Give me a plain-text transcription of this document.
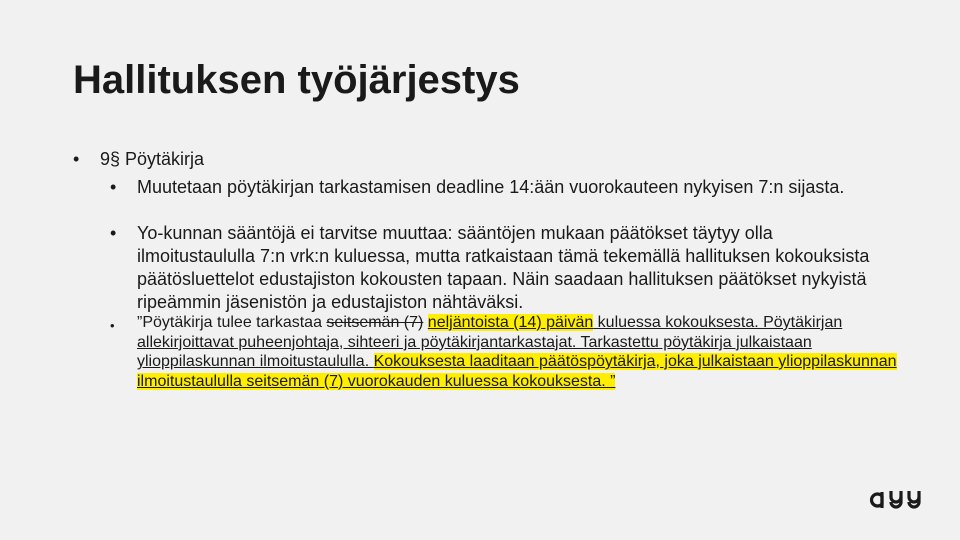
Hallituksen työjärjestys
• 9§ Pöytäkirja
• Muutetaan pöytäkirjan tarkastamisen deadline 14:ään vuorokauteen nykyisen 7:n sijasta.
• Yo-kunnan sääntöjä ei tarvitse muuttaa: sääntöjen mukaan päätökset täytyy olla ilmoitustaululla 7:n vrk:n kuluessa, mutta ratkaistaan tämä tekemällä hallituksen kokouksista päätösluettelot edustajiston kokousten tapaan. Näin saadaan hallituksen päätökset nykyistä ripeämmin jäsenistön ja edustajiston nähtäväksi.
• ”Pöytäkirja tulee tarkastaa seitsemän (7) neljäntoista (14) päivän kuluessa kokouksesta. Pöytäkirjan allekirjoittavat puheenjohtaja, sihteeri ja pöytäkirjantarkastajat. Tarkastettu pöytäkirja julkaistaan ylioppilaskunnan ilmoitustaululla. Kokouksesta laaditaan päätöspöytäkirja, joka julkaistaan ylioppilaskunnan ilmoitustaululla seitsemän (7) vuorokauden kuluessa kokouksesta. ”
